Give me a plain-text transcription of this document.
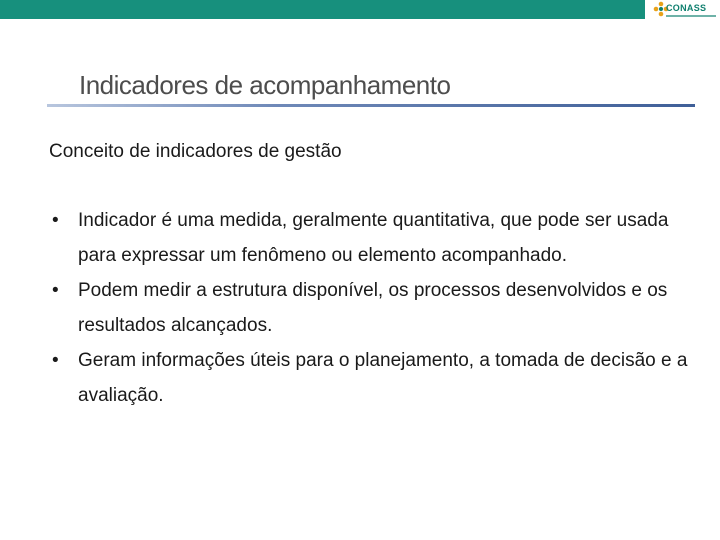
CONASS
Indicadores de acompanhamento
Conceito de indicadores de gestão
• Indicador é uma medida, geralmente quantitativa, que pode ser usada para expressar um fenômeno ou elemento acompanhado.
• Podem medir a estrutura disponível, os processos desenvolvidos e os resultados alcançados.
• Geram informações úteis para o planejamento, a tomada de decisão e a avaliação.
